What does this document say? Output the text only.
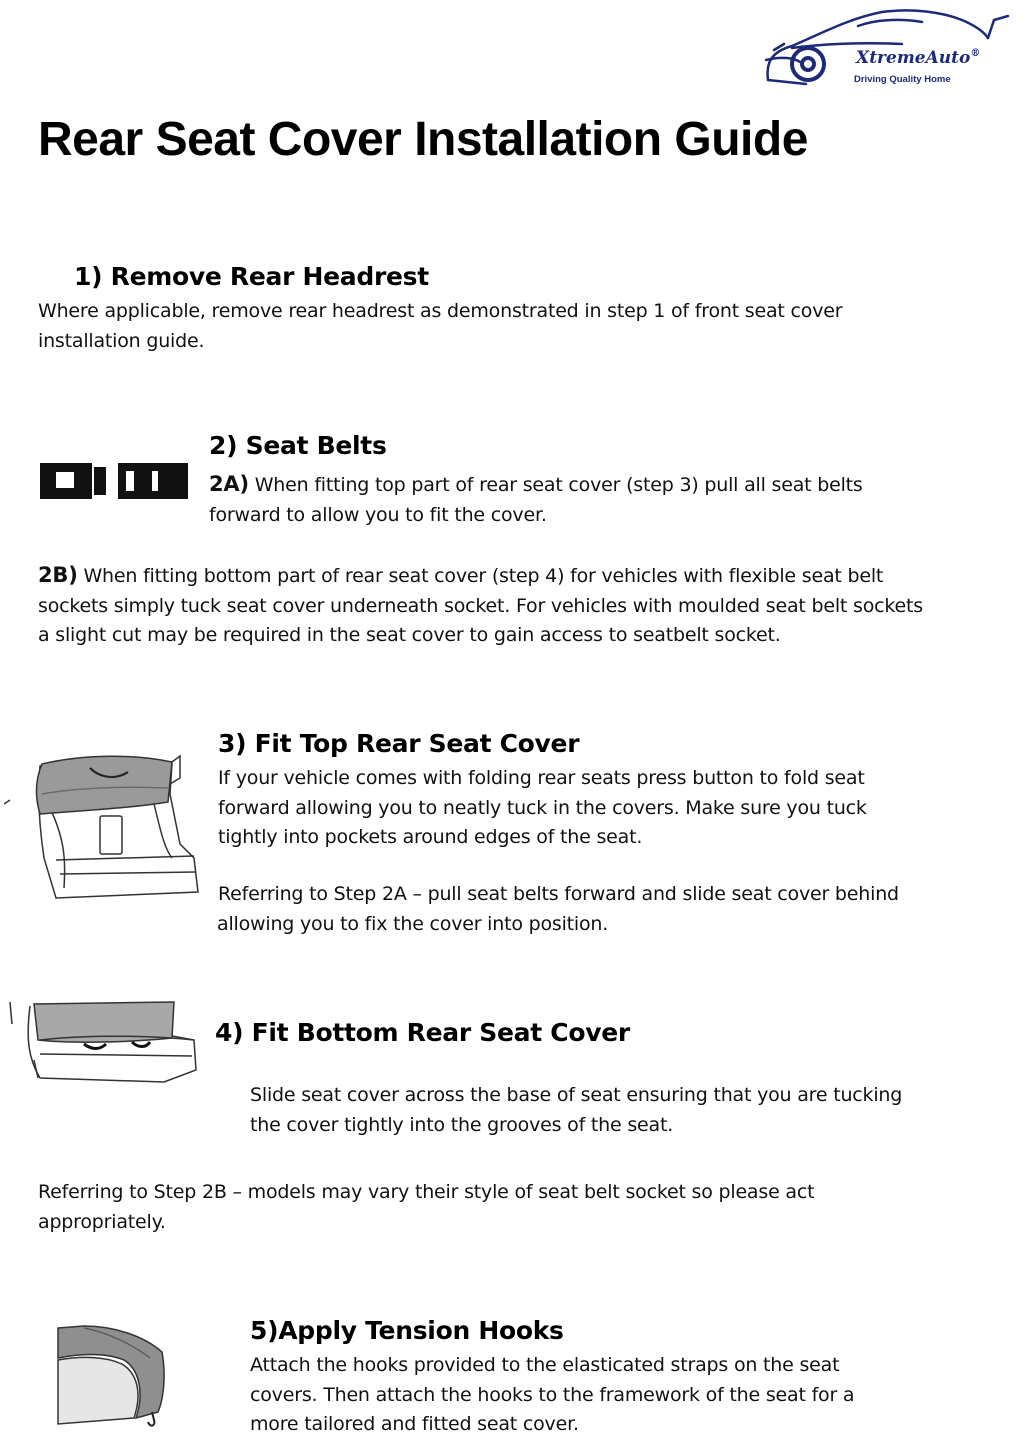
XtremeAuto®
Driving Quality Home
Rear Seat Cover Installation Guide
1) Remove Rear Headrest
Where applicable, remove rear headrest as demonstrated in step 1 of front seat cover installation guide.
2) Seat Belts
2A) When fitting top part of rear seat cover (step 3) pull all seat belts forward to allow you to fit the cover.
2B) When fitting bottom part of rear seat cover (step 4) for vehicles with flexible seat belt sockets simply tuck seat cover underneath socket. For vehicles with moulded seat belt sockets a slight cut may be required in the seat cover to gain access to seatbelt socket.
3) Fit Top Rear Seat Cover
If your vehicle comes with folding rear seats press button to fold seat forward allowing you to neatly tuck in the covers. Make sure you tuck tightly into pockets around edges of the seat.
Referring to Step 2A – pull seat belts forward and slide seat cover behind allowing you to fix the cover into position.
4) Fit Bottom Rear Seat Cover
Slide seat cover across the base of seat ensuring that you are tucking the cover tightly into the grooves of the seat.
Referring to Step 2B – models may vary their style of seat belt socket so please act appropriately.
5)Apply Tension Hooks
Attach the hooks provided to the elasticated straps on the seat covers. Then attach the hooks to the framework of the seat for a more tailored and fitted seat cover.
